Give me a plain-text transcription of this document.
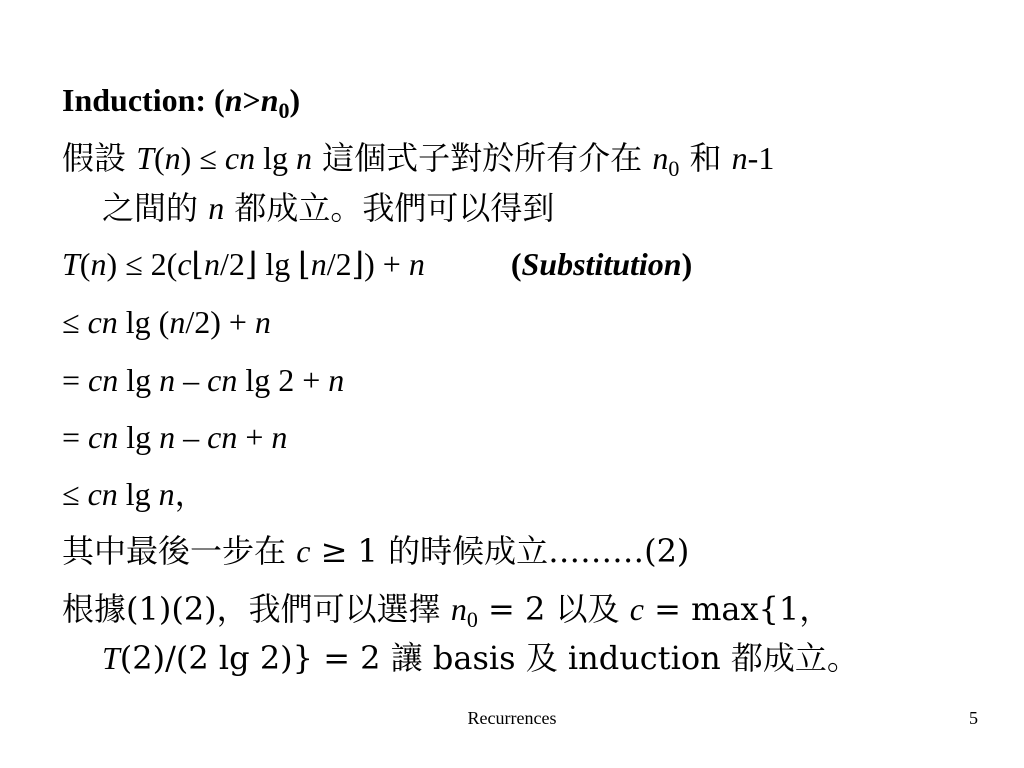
Induction: $(n>n_0)$
假設 T(n) ≤ cn lg n 這個式子對於所有介在 $n_0$ 和 n-1
之間的 n 都成立。我們可以得到
T(n) ≤ 2(c⌊n/2⌋ lg ⌊n/2⌋) + n	(Substitution)
≤ cn lg (n/2) + n
= cn lg n – cn lg 2 + n
= cn lg n – cn + n
≤ cn lg n，
其中最後一步在 c ≥ 1 的時候成立………(2)
根據(1)(2)，我們可以選擇 $n_0 = 2$ 以及 c = max{1，
T(2)/(2 lg 2)} = 2 讓 basis 及 induction 都成立。
Recurrences	5
